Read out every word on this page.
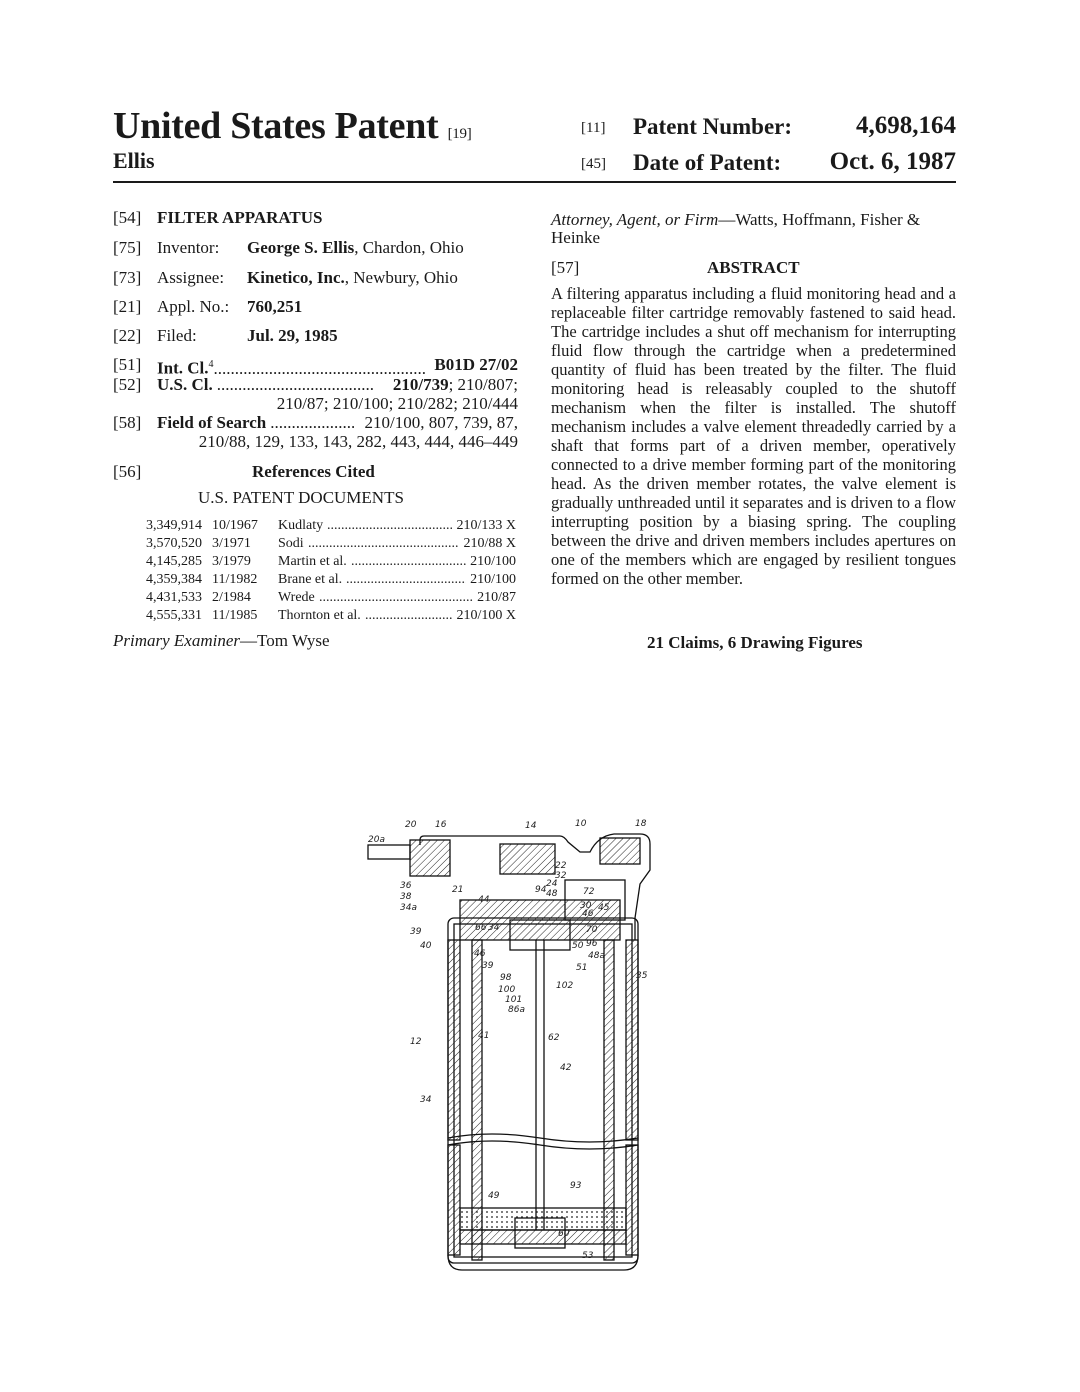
United States Patent [19]
Ellis
[11] Patent Number:	4,698,164
[45] Date of Patent: Oct. 6, 1987
[54] FILTER APPARATUS
[75] Inventor: George S. Ellis, Chardon, Ohio
[73] Assignee: Kinetico, Inc., Newbury, Ohio
[21] Appl. No.: 760,251
[22] Filed:	Jul. 29, 1985
[51] Int. Cl.$^4$ .....	B01D 27/02
[52] U.S. Cl. .....	210/739; 210/807;
210/87; 210/100; 210/282; 210/444
[58] Field of Search .....	210/100, 807, 739, 87,
210/88, 129, 133, 143, 282, 443, 444, 446–449
[56]	References Cited
U.S. PATENT DOCUMENTS
3,349,914 10/1967 Kudlaty	210/133 X
.....
3,570,520 3/1971 Sodi	210/88 X
.....
4,145,285 3/1979 Martin et al.	210/100
.....
4,359,384 11/1982 Brane et al.	210/100
.....
4,431,533 2/1984 Wrede	210/87
.....
4,555,331 11/1985 Thornton et al.	210/100 X
.....
Primary Examiner—Tom Wyse
Attorney, Agent, or Firm—Watts, Hoffmann, Fisher &
Heinke
[57]	ABSTRACT
A filtering apparatus including a fluid monitoring head and a replaceable filter cartridge removably fastened to said head. The cartridge includes a shut off mechanism for interrupting fluid flow through the cartridge when a predetermined quantity of fluid has been treated by the filter. The fluid monitoring head is releasably coupled to the shutoff mechanism when the filter is installed. The shutoff mechanism includes a valve element threadedly carried by a shaft that forms part of a driven member, operatively connected to a drive member forming part of the monitoring head. As the driven member rotates, the valve element is gradually unthreaded until it separates and is driven to a flow interrupting position by a biasing spring. The coupling between the drive and driven members includes apertures on one of the members which are engaged by resilient tongues formed on the other member.
21 Claims, 6 Drawing Figures
20 16	14	10	18
20a
22
32
24
94 48	72
36
38
34a
21
44
30 45
46
39
40
66 34	70
50 96
48a
51
102
46
39
98
100
101
86a
35
12
41	62
42
34
49
93
60
53
